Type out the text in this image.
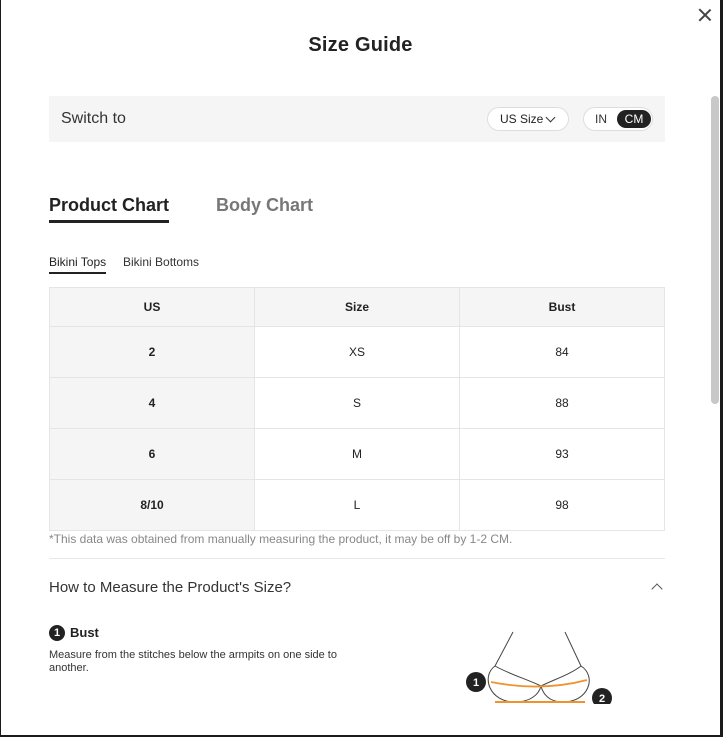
Size Guide
Switch to	US Size	IN	CM
Product Chart	Body Chart
Bikini Tops Bikini Bottoms
US	Size	Bust
2	XS	84
4	S	88
6	M	93
8/10	L	98
*This data was obtained from manually measuring the product, it may be off by 1-2 CM.
How to Measure the Product's Size?
1 Bust
Measure from the stitches below the armpits on one side to another.
1
2
